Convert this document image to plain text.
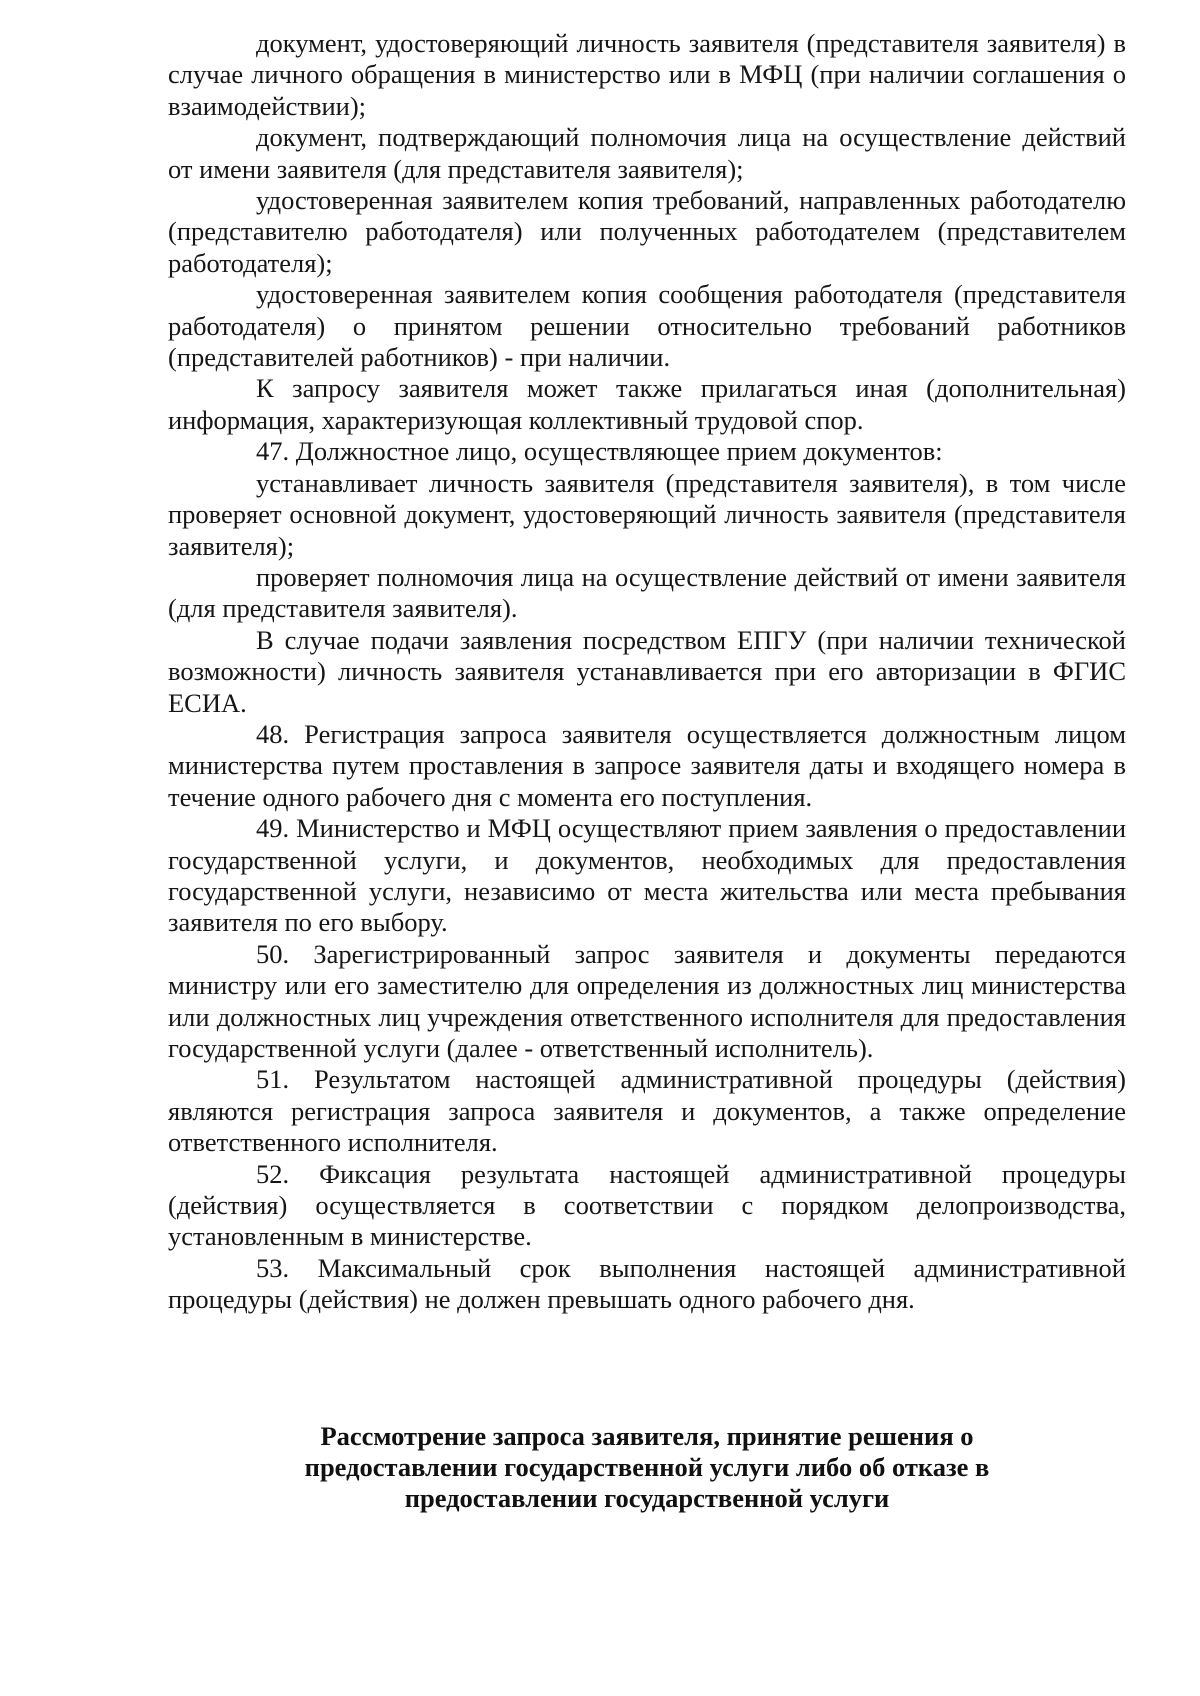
документ, удостоверяющий личность заявителя (представителя заявителя) в случае личного обращения в министерство или в МФЦ (при наличии соглашения о взаимодействии);

документ, подтверждающий полномочия лица на осуществление действий от имени заявителя (для представителя заявителя);

удостоверенная заявителем копия требований, направленных работодателю (представителю работодателя) или полученных работодателем (представителем работодателя);

удостоверенная заявителем копия сообщения работодателя (представителя работодателя) о принятом решении относительно требований работников (представителей работников) - при наличии.

К запросу заявителя может также прилагаться иная (дополнительная) информация, характеризующая коллективный трудовой спор.

47. Должностное лицо, осуществляющее прием документов:

устанавливает личность заявителя (представителя заявителя), в том числе проверяет основной документ, удостоверяющий личность заявителя (представителя заявителя);

проверяет полномочия лица на осуществление действий от имени заявителя (для представителя заявителя).

В случае подачи заявления посредством ЕПГУ (при наличии технической возможности) личность заявителя устанавливается при его авторизации в ФГИС ЕСИА.

48. Регистрация запроса заявителя осуществляется должностным лицом министерства путем проставления в запросе заявителя даты и входящего номера в течение одного рабочего дня с момента его поступления.

49. Министерство и МФЦ осуществляют прием заявления о предоставлении государственной услуги, и документов, необходимых для предоставления государственной услуги, независимо от места жительства или места пребывания заявителя по его выбору.

50. Зарегистрированный запрос заявителя и документы передаются министру или его заместителю для определения из должностных лиц министерства или должностных лиц учреждения ответственного исполнителя для предоставления государственной услуги (далее - ответственный исполнитель).

51. Результатом настоящей административной процедуры (действия) являются регистрация запроса заявителя и документов, а также определение ответственного исполнителя.

52. Фиксация результата настоящей административной процедуры (действия) осуществляется в соответствии с порядком делопроизводства, установленным в министерстве.

53. Максимальный срок выполнения настоящей административной процедуры (действия) не должен превышать одного рабочего дня.

Рассмотрение запроса заявителя, принятие решения о
предоставлении государственной услуги либо об отказе в
предоставлении государственной услуги
